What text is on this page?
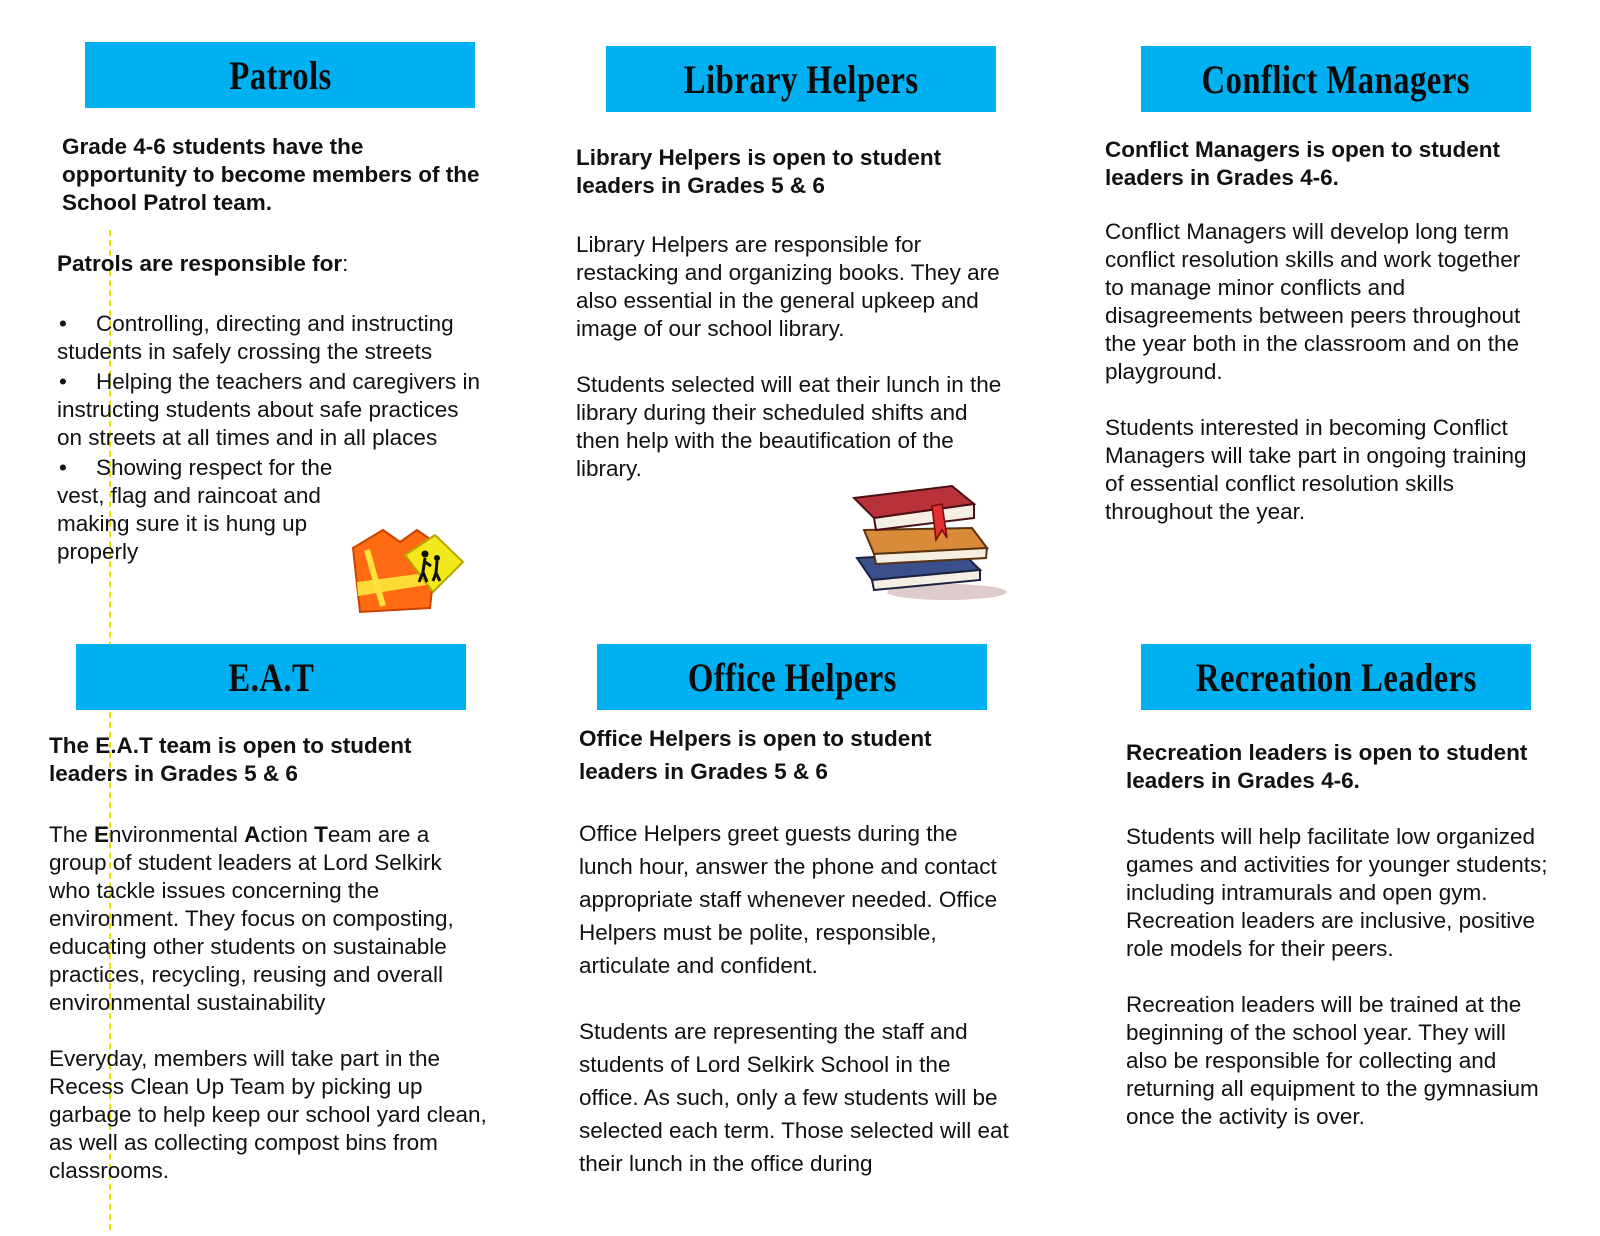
Patrols

Grade 4-6 students have the opportunity to become members of the School Patrol team.

Patrols are responsible for:

• Controlling, directing and instructing students in safely crossing the streets
• Helping the teachers and caregivers in instructing students about safe practices on streets at all times and in all places
• Showing respect for the vest, flag and raincoat and making sure it is hung up properly
Library Helpers

Library Helpers is open to student leaders in Grades 5 & 6

Library Helpers are responsible for restacking and organizing books. They are also essential in the general upkeep and image of our school library.

Students selected will eat their lunch in the library during their scheduled shifts and then help with the beautification of the library.

Conflict Managers

Conflict Managers is open to student leaders in Grades 4-6.

Conflict Managers will develop long term conflict resolution skills and work together to manage minor conflicts and disagreements between peers throughout the year both in the classroom and on the playground.

Students interested in becoming Conflict Managers will take part in ongoing training of essential conflict resolution skills throughout the year.

E.A.T

The E.A.T team is open to student leaders in Grades 5 & 6

The Environmental Action Team are a group of student leaders at Lord Selkirk who tackle issues concerning the environment. They focus on composting, educating other students on sustainable practices, recycling, reusing and overall environmental sustainability

Everyday, members will take part in the Recess Clean Up Team by picking up garbage to help keep our school yard clean, as well as collecting compost bins from classrooms.

Office Helpers

Office Helpers is open to student leaders in Grades 5 & 6

Office Helpers greet guests during the lunch hour, answer the phone and contact appropriate staff whenever needed. Office Helpers must be polite, responsible, articulate and confident.

Students are representing the staff and students of Lord Selkirk School in the office. As such, only a few students will be selected each term. Those selected will eat their lunch in the office during

Recreation Leaders

Recreation leaders is open to student leaders in Grades 4-6.

Students will help facilitate low organized games and activities for younger students; including intramurals and open gym. Recreation leaders are inclusive, positive role models for their peers.

Recreation leaders will be trained at the beginning of the school year. They will also be responsible for collecting and returning all equipment to the gymnasium once the activity is over.
